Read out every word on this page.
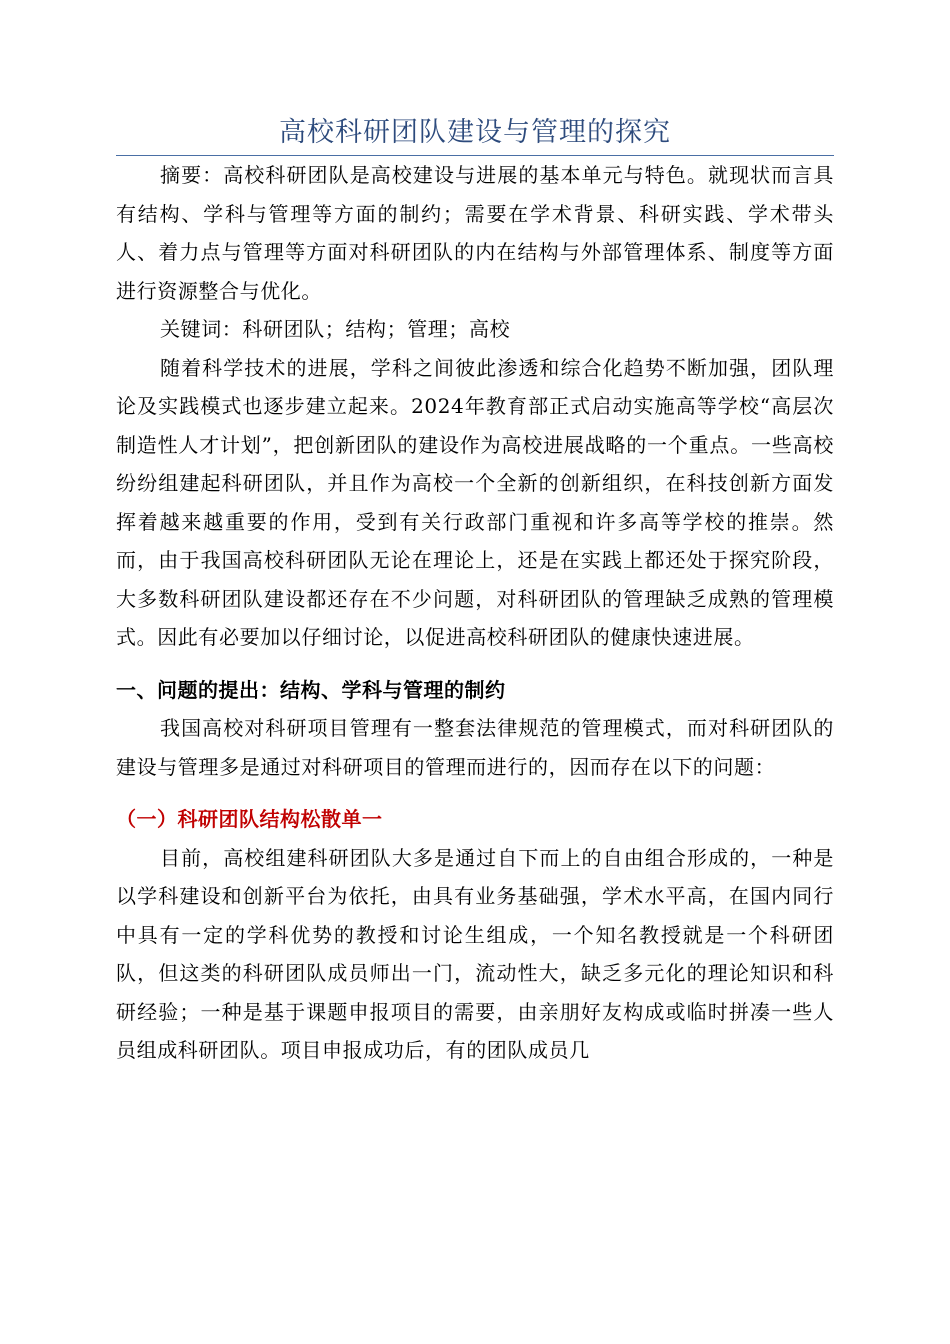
高校科研团队建设与管理的探究

摘要：高校科研团队是高校建设与进展的基本单元与特色。就现状而言具有结构、学科与管理等方面的制约；需要在学术背景、科研实践、学术带头人、着力点与管理等方面对科研团队的内在结构与外部管理体系、制度等方面进行资源整合与优化。

关键词：科研团队；结构；管理；高校

随着科学技术的进展，学科之间彼此渗透和综合化趋势不断加强，团队理论及实践模式也逐步建立起来。2024年教育部正式启动实施高等学校“高层次制造性人才计划”，把创新团队的建设作为高校进展战略的一个重点。一些高校纷纷组建起科研团队，并且作为高校一个全新的创新组织，在科技创新方面发挥着越来越重要的作用，受到有关行政部门重视和许多高等学校的推崇。然而，由于我国高校科研团队无论在理论上，还是在实践上都还处于探究阶段，大多数科研团队建设都还存在不少问题，对科研团队的管理缺乏成熟的管理模式。因此有必要加以仔细讨论，以促进高校科研团队的健康快速进展。

一、问题的提出：结构、学科与管理的制约

我国高校对科研项目管理有一整套法律规范的管理模式，而对科研团队的建设与管理多是通过对科研项目的管理而进行的，因而存在以下的问题：

（一）科研团队结构松散单一

目前，高校组建科研团队大多是通过自下而上的自由组合形成的，一种是以学科建设和创新平台为依托，由具有业务基础强，学术水平高，在国内同行中具有一定的学科优势的教授和讨论生组成，一个知名教授就是一个科研团队，但这类的科研团队成员师出一门，流动性大，缺乏多元化的理论知识和科研经验；一种是基于课题申报项目的需要，由亲朋好友构成或临时拼凑一些人员组成科研团队。项目申报成功后，有的团队成员几
